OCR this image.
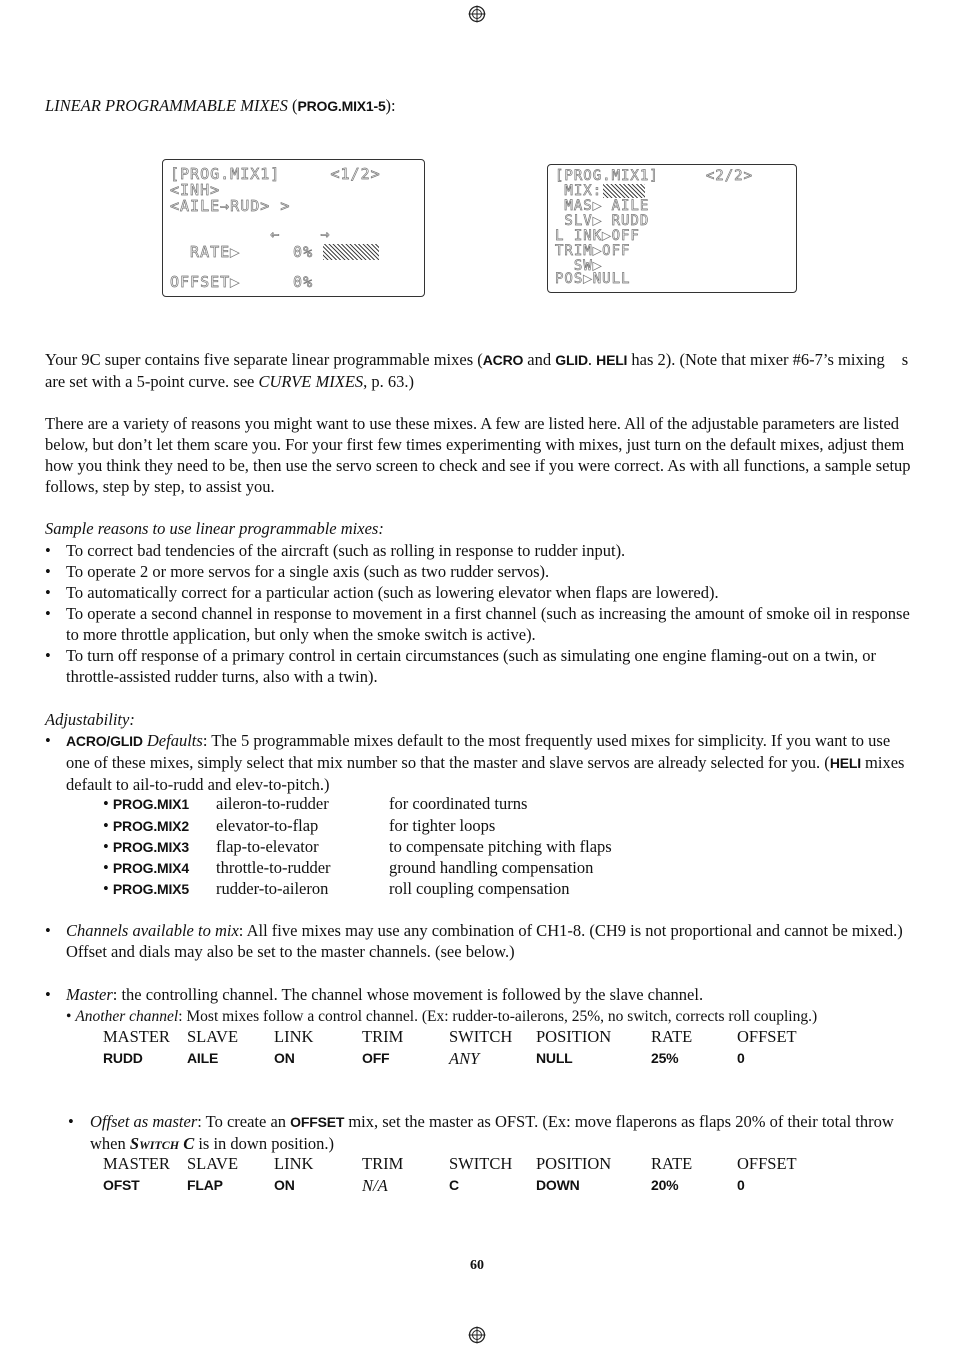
LINEAR PROGRAMMABLE MIXES (PROG.MIX1-5):
[PROG.MIX1]     <1/2>
<INH>
<AILE→RUD> >
←    →
RATE▶ 0%
OFFSET▶ 0%
[PROG.MIX1]     <2/2>
MIX:
MAS▶ AILE
SLV▶ RUDD
L INK▶OFF
TRIM▶OFF
SW▶
POS▶NULL
Your 9C super contains five separate linear programmable mixes (ACRO and GLID. HELI has 2). (Note that mixer #6-7’s mixing s are set with a 5-point curve. see CURVE MIXES, p. 63.)
There are a variety of reasons you might want to use these mixes. A few are listed here. All of the adjustable parameters are listed below, but don’t let them scare you. For your first few times experimenting with mixes, just turn on the default mixes, adjust them how you think they need to be, then use the servo screen to check and see if you were correct. As with all functions, a sample setup follows, step by step, to assist you.
Sample reasons to use linear programmable mixes:
• To correct bad tendencies of the aircraft (such as rolling in response to rudder input).
• To operate 2 or more servos for a single axis (such as two rudder servos).
• To automatically correct for a particular action (such as lowering elevator when flaps are lowered).
• To operate a second channel in response to movement in a first channel (such as increasing the amount of smoke oil in response to more throttle application, but only when the smoke switch is active).
• To turn off response of a primary control in certain circumstances (such as simulating one engine flaming-out on a twin, or throttle-assisted rudder turns, also with a twin).
Adjustability:
• ACRO/GLID Defaults: The 5 programmable mixes default to the most frequently used mixes for simplicity. If you want to use one of these mixes, simply select that mix number so that the master and slave servos are already selected for you. (HELI mixes default to ail-to-rudd and elev-to-pitch.)
• PROG.MIX1 aileron-to-rudder	for coordinated turns
• PROG.MIX2 elevator-to-flap	for tighter loops
• PROG.MIX3 flap-to-elevator	to compensate pitching with flaps
• PROG.MIX4 throttle-to-rudder	ground handling compensation
• PROG.MIX5 rudder-to-aileron	roll coupling compensation
• Channels available to mix: All five mixes may use any combination of CH1-8. (CH9 is not proportional and cannot be mixed.) Offset and dials may also be set to the master channels. (see below.)
• Master: the controlling channel. The channel whose movement is followed by the slave channel.
• Another channel: Most mixes follow a control channel. (Ex: rudder-to-ailerons, 25%, no switch, corrects roll coupling.)
MASTER SLAVE LINK	TRIM	SWITCH POSITION RATE	OFFSET
RUDD	AILE	ON	OFF	ANY	NULL	25%	0
• Offset as master: To create an OFFSET mix, set the master as OFST. (Ex: move flaperons as flaps 20% of their total throw when SWITCH C is in down position.)
MASTER SLAVE LINK	TRIM	SWITCH POSITION RATE	OFFSET
OFST	FLAP	ON	N/A	C	DOWN	20%	0
60
